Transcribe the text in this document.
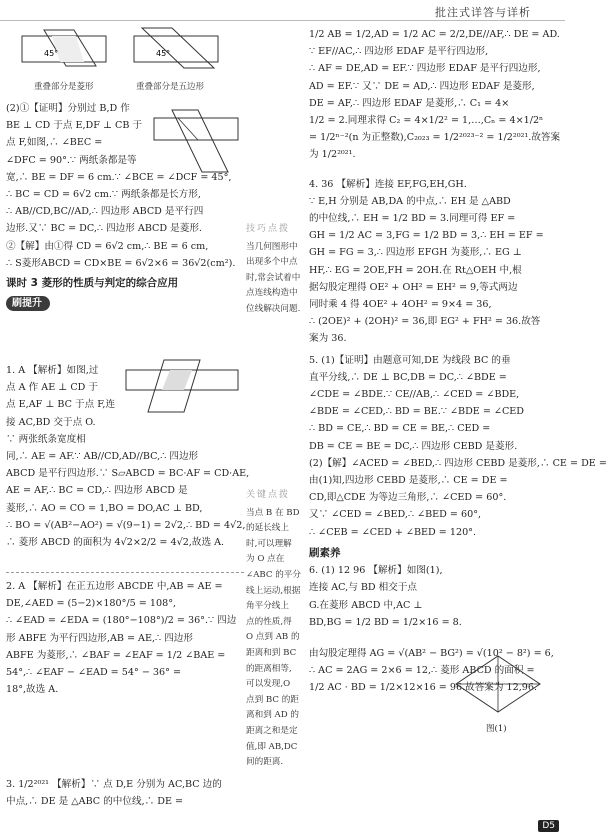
批注式详答与详析
45°	45°
重叠部分是菱形	重叠部分是五边形
(2)①【证明】分别过 B,D 作
BE ⊥ CD 于点 E,DF ⊥ CB 于
点 F,如图,∴ ∠BEC =
∠DFC = 90°.∵ 两纸条都是等
宽,∴ BE = DF = 6 cm.∵ ∠BCE = ∠DCF = 45°,
∴ BC = CD = 6√2 cm.∵ 两纸条都是长方形,
∴ AB//CD,BC//AD,∴ 四边形 ABCD 是平行四
边形.又∵ BC = DC,∴ 四边形 ABCD 是菱形.
②【解】由①得 CD = 6√2 cm,∴ BE = 6 cm,
∴ S菱形ABCD = CD×BE = 6√2×6 = 36√2(cm²).
课时 3 菱形的性质与判定的综合应用
刷提升
1. A 【解析】如图,过
点 A 作 AE ⊥ CD 于
点 E,AF ⊥ BC 于点 F,连
接 AC,BD 交于点 O.
∵ 两张纸条宽度相
同,∴ AE = AF.∵ AB//CD,AD//BC,∴ 四边形
ABCD 是平行四边形.∵ S▱ABCD = BC·AF = CD·AE,
AE = AF,∴ BC = CD,∴ 四边形 ABCD 是
菱形,∴ AO = CO = 1,BO = DO,AC ⊥ BD,
∴ BO = √(AB²−AO²) = √(9−1) = 2√2,∴ BD = 4√2,
∴ 菱形 ABCD 的面积为 4√2×2/2 = 4√2,故选 A.
2. A 【解析】在正五边形 ABCDE 中,AB = AE =
DE,∠AED = (5−2)×180°/5 = 108°,
∴ ∠EAD = ∠EDA = (180°−108°)/2 = 36°.∵ 四边
形 ABFE 为平行四边形,AB = AE,∴ 四边形
ABFE 为菱形,∴ ∠BAF = ∠EAF = 1/2 ∠BAE =
54°,∴ ∠EAF − ∠EAD = 54° − 36° =
18°,故选 A.
3. 1/2²⁰²¹ 【解析】∵ 点 D,E 分别为 AC,BC 边的
中点,∴ DE 是 △ABC 的中位线,∴ DE =
技巧点拨
当几何图形中
出现多个中点
时,常会试着中
点连线构造中
位线解决问题.
关键点拨
当点 B 在 BD
的延长线上
时,可以理解
为 O 点在
∠ABC 的平分
线上运动,根据
角平分线上
点的性质,得
O 点到 AB 的
距离和到 BC
的距离相等,
可以发现,O
点到 BC 的距
离和到 AD 的
距离之和是定
值,即 AB,DC
间的距离.
1/2 AB = 1/2,AD = 1/2 AC = 2/2,DE//AF,∴ DE = AD.
∵ EF//AC,∴ 四边形 EDAF 是平行四边形,
∴ AF = DE,AD = EF.∵ 四边形 EDAF 是平行四边形,
AD = EF.∵ 又∵ DE = AD,∴ 四边形 EDAF 是菱形,
DE = AF,∴ 四边形 EDAF 是菱形,∴ C₁ = 4×
1/2 = 2.同理求得 C₂ = 4×1/2² = 1,…,Cₙ = 4×1/2ⁿ
= 1/2ⁿ⁻²(n 为正整数),C₂₀₂₃ = 1/2²⁰²³⁻² = 1/2²⁰²¹.故答案
为 1/2²⁰²¹.
4. 36 【解析】连接 EF,FG,EH,GH.
∵ E,H 分别是 AB,DA 的中点,∴ EH 是 △ABD
的中位线,∴ EH = 1/2 BD = 3.同理可得 EF =
GH = 1/2 AC = 3,FG = 1/2 BD = 3,∴ EH = EF =
GH = FG = 3,∴ 四边形 EFGH 为菱形,∴ EG ⊥
HF,∴ EG = 2OE,FH = 2OH.在 Rt△OEH 中,根
据勾股定理得 OE² + OH² = EH² = 9,等式两边
同时乘 4 得 4OE² + 4OH² = 9×4 = 36,
∴ (2OE)² + (2OH)² = 36,即 EG² + FH² = 36.故答
案为 36.
5. (1)【证明】由题意可知,DE 为线段 BC 的垂
直平分线,∴ DE ⊥ BC,DB = DC,∴ ∠BDE =
∠CDE = ∠BDE.∵ CE//AB,∴ ∠CED = ∠BDE,
∠BDE = ∠CED,∴ BD = BE.∵ ∠BDE = ∠CED
∴ BD = CE,∴ BD = CE = BE,∴ CED =
DB = CE = BE = DC,∴ 四边形 CEBD 是菱形.
(2)【解】∠ACED = ∠BED,∴ 四边形 CEBD 是菱形,∴ CE = DE =
由(1)知,四边形 CEBD 是菱形,∴ CE = DE =
CD,即△CDE 为等边三角形,∴ ∠CED = 60°.
又∵ ∠CED = ∠BED,∴ ∠BED = 60°,
∴ ∠CEB = ∠CED + ∠BED = 120°.
刷素养
6. (1) 12 96 【解析】如图(1),
连接 AC,与 BD 相交于点
G.在菱形 ABCD 中,AC ⊥
BD,BG = 1/2 BD = 1/2×16 = 8.
由勾股定理得 AG = √(AB² − BG²) = √(10² − 8²) = 6,
∴ AC = 2AG = 2×6 = 12,∴ 菱形 ABCD 的面积 =
1/2 AC · BD = 1/2×12×16 = 96.故答案为 12,96.
图(1)
D5
